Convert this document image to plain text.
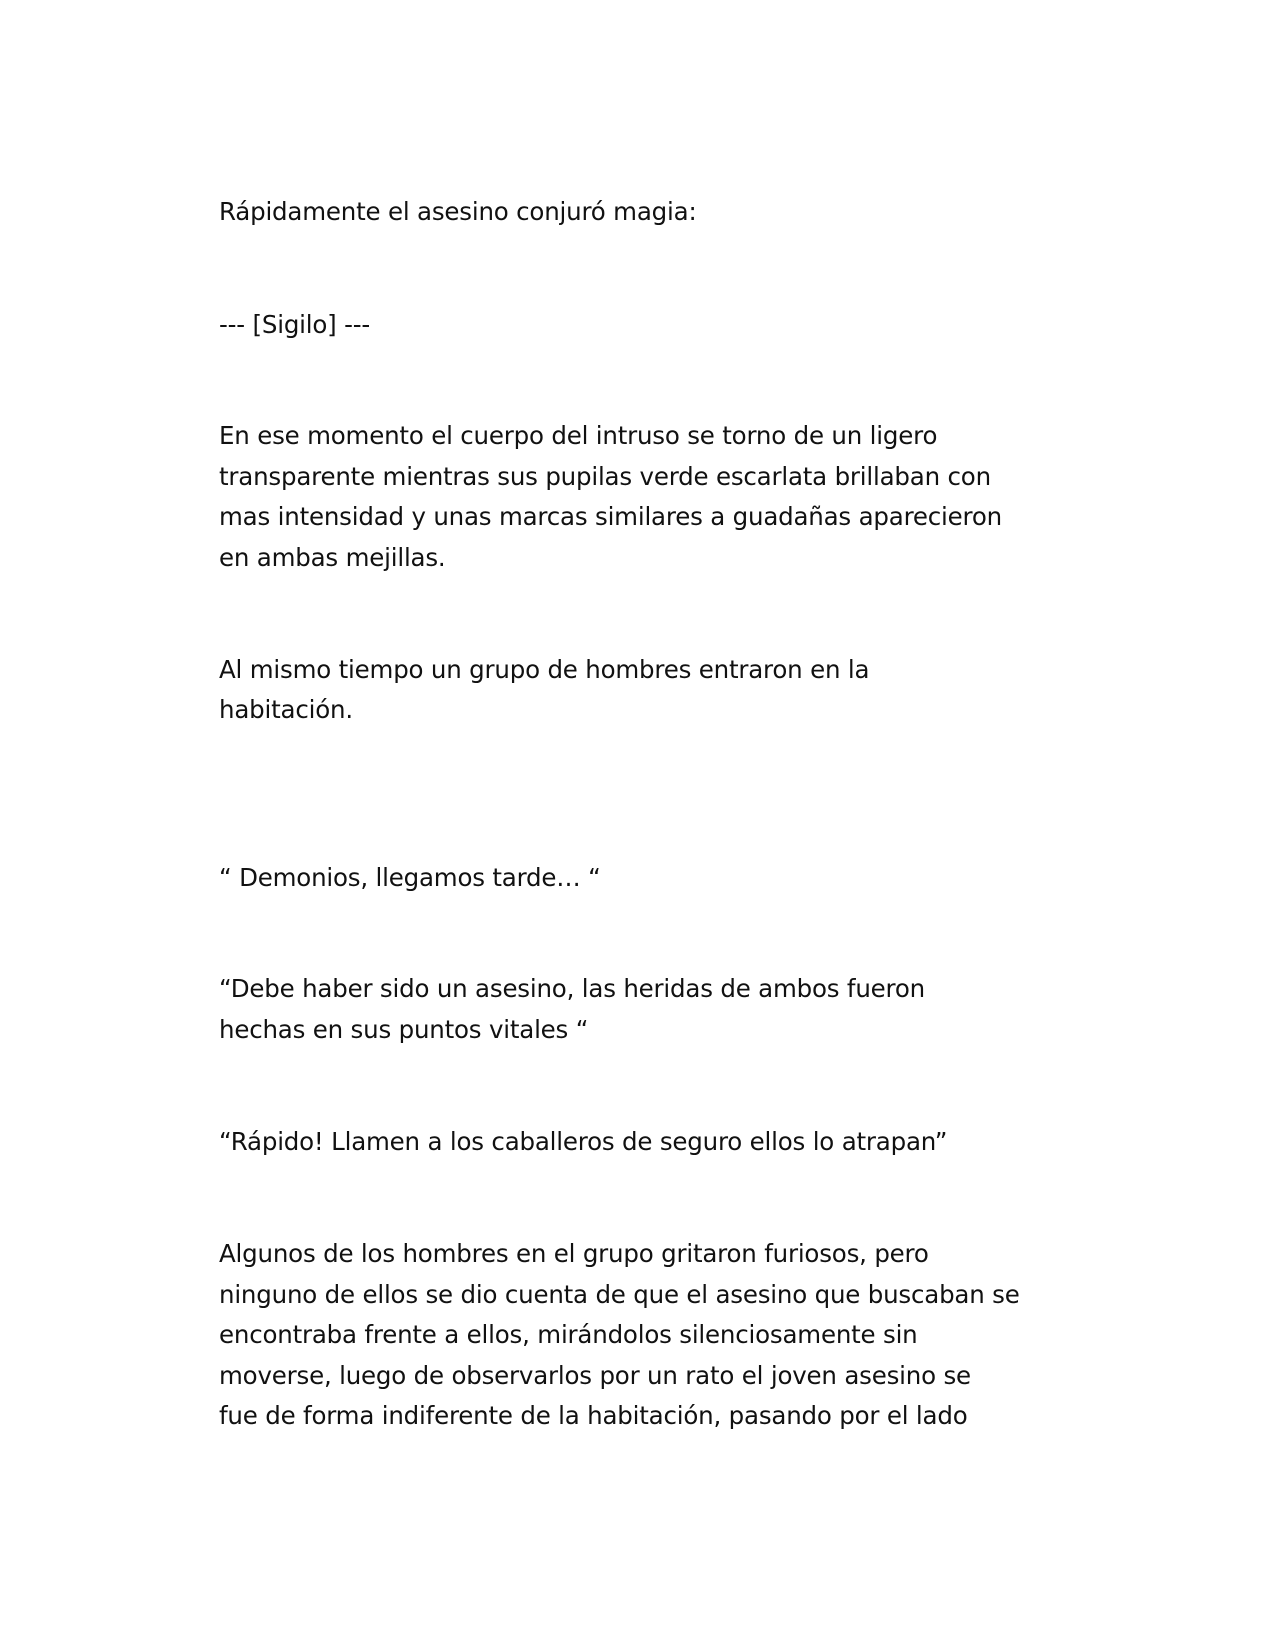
Rápidamente el asesino conjuró magia:
--- [Sigilo] ---
En ese momento el cuerpo del intruso se torno de un ligero
transparente mientras sus pupilas verde escarlata brillaban con
mas intensidad y unas marcas similares a guadañas aparecieron
en ambas mejillas.
Al mismo tiempo un grupo de hombres entraron en la
habitación.
“ Demonios, llegamos tarde… “
“Debe haber sido un asesino, las heridas de ambos fueron
hechas en sus puntos vitales “
“Rápido! Llamen a los caballeros de seguro ellos lo atrapan”
Algunos de los hombres en el grupo gritaron furiosos, pero
ninguno de ellos se dio cuenta de que el asesino que buscaban se
encontraba frente a ellos, mirándolos silenciosamente sin
moverse, luego de observarlos por un rato el joven asesino se
fue de forma indiferente de la habitación, pasando por el lado
